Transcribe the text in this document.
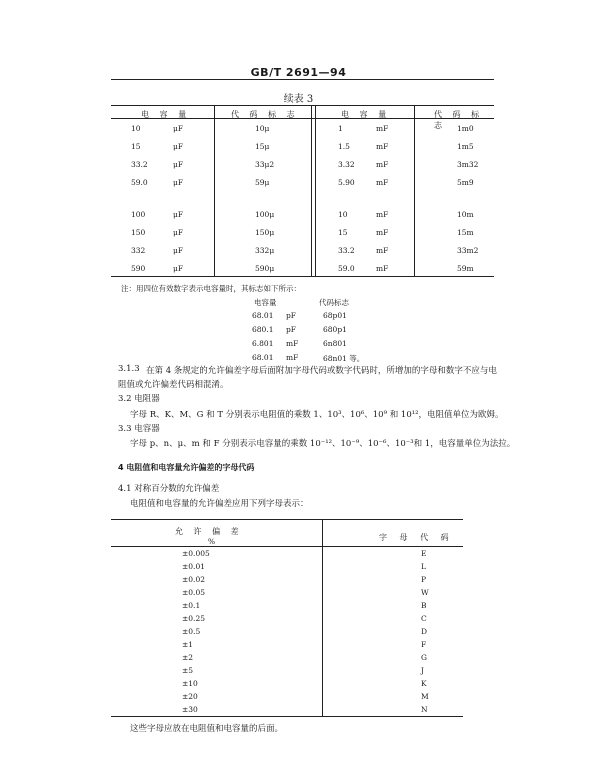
GB/T 2691—94
续表 3
电 容 量	代 码 标 志	电 容 量	代 码 标 志
10	μF	10μ	1	mF	1m0
15	μF	15μ	1.5	mF	1m5
33.2	μF	33μ2	3.32	mF	3m32
59.0	μF	59μ	5.90	mF	5m9
100	μF	100μ	10	mF	10m
150	μF	150μ	15	mF	15m
332	μF	332μ	33.2	mF	33m2
590	μF	590μ	59.0	mF	59m
注：用四位有效数字表示电容量时，其标志如下所示：
电容量	代码标志
68.01 pF	68p01
680.1 pF	680p1
6.801 mF	6n801
68.01 mF	68n01 等。
3.1.3 在第 4 条规定的允许偏差字母后面附加字母代码或数字代码时，所增加的字母和数字不应与电
阻值或允许偏差代码相混淆。
3.2 电阻器
字母 R、K、M、G 和 T 分别表示电阻值的乘数 1、10³、10⁶、10⁹ 和 10¹²，电阻值单位为欧姆。
3.3 电容器
字母 p、n、μ、m 和 F 分别表示电容量的乘数 10⁻¹²、10⁻⁹、10⁻⁶、10⁻³和 1，电容量单位为法拉。
4 电阻值和电容量允许偏差的字母代码
4.1 对称百分数的允许偏差
电阻值和电容量的允许偏差应用下列字母表示：
允 许 偏 差
%	字 母 代 码
±0.005	E
±0.01	L
±0.02	P
±0.05	W
±0.1	B
±0.25	C
±0.5	D
±1	F
±2	G
±5	J
±10	K
±20	M
±30	N
这些字母应放在电阻值和电容量的后面。
